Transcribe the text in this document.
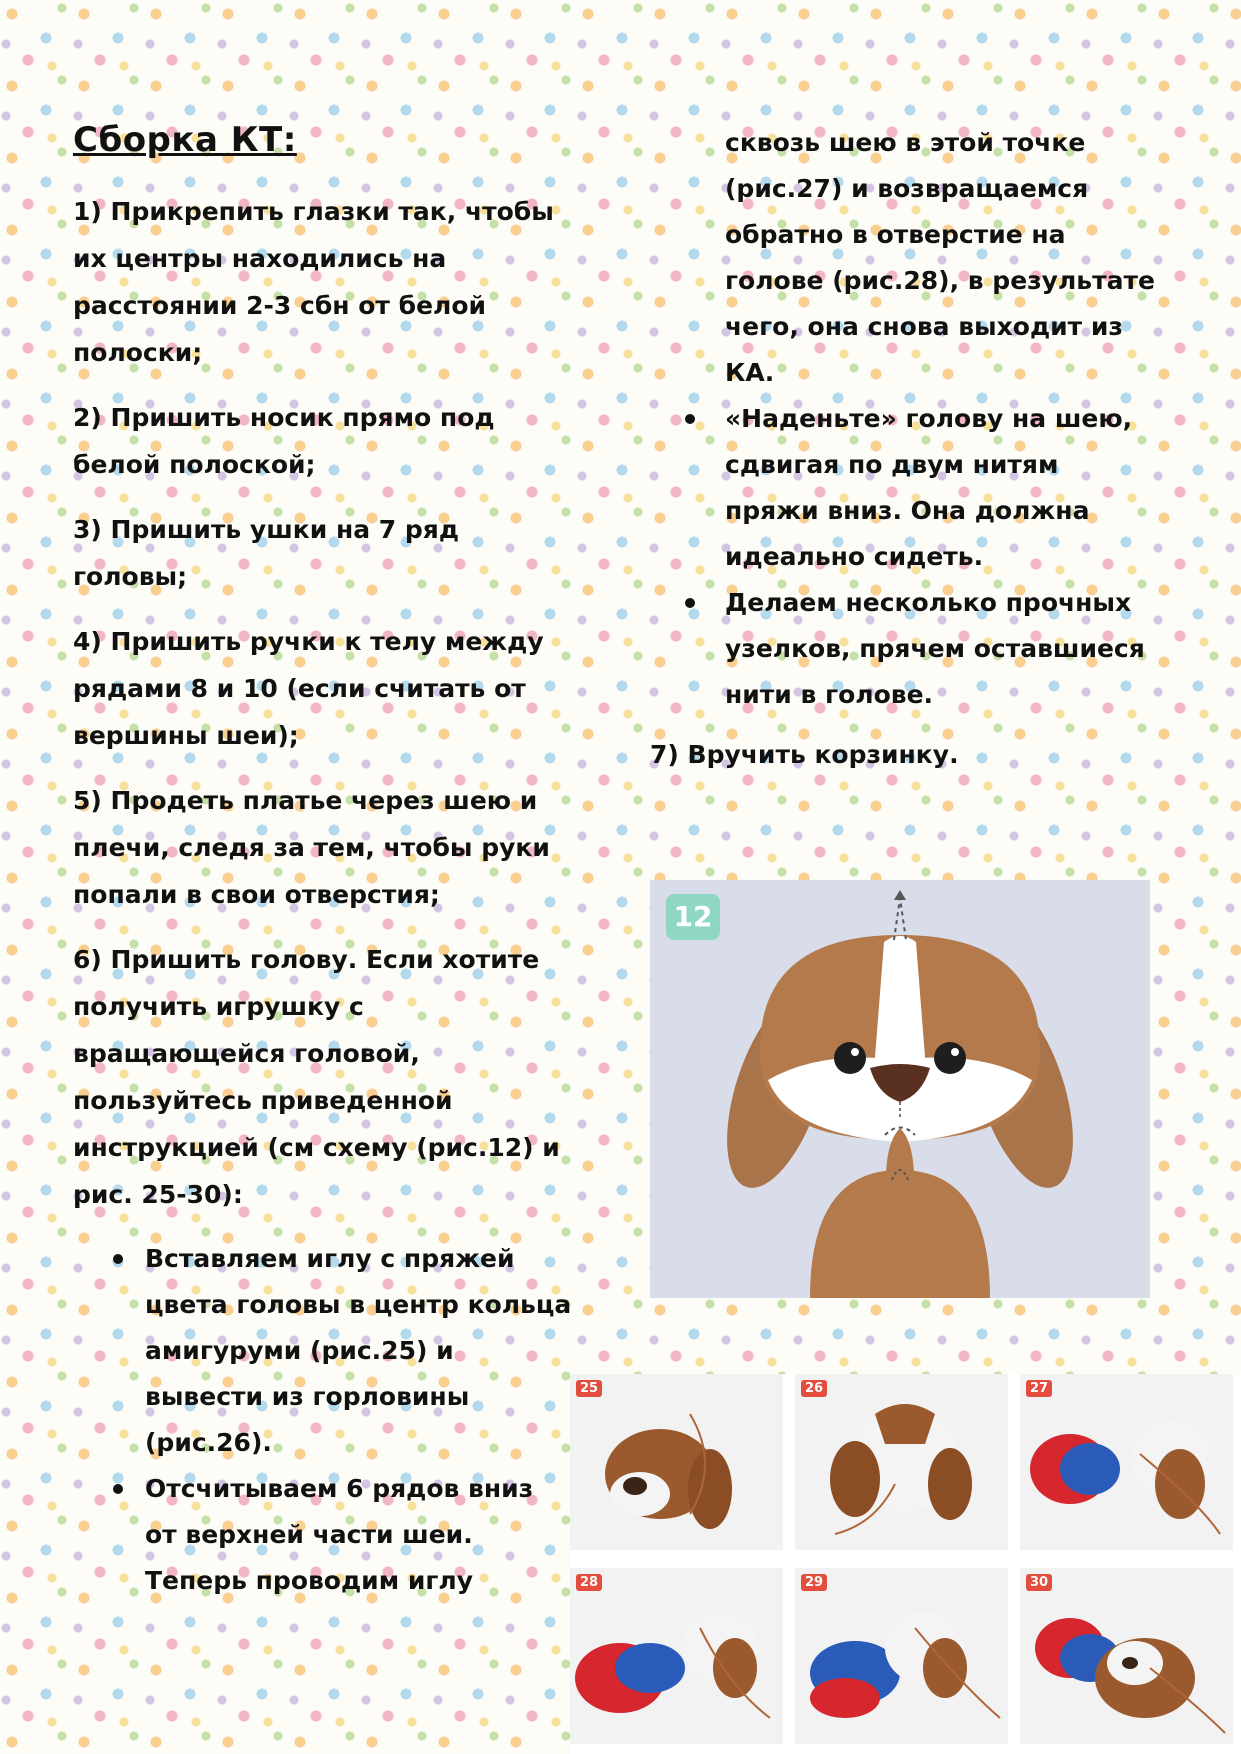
Сборка КТ:
1) Прикрепить глазки так, чтобы их центры находились на расстоянии 2-3 сбн от белой полоски;
2) Пришить носик прямо под белой полоской;
3) Пришить ушки на 7 ряд головы;
4) Пришить ручки к телу между рядами 8 и 10 (если считать от вершины шеи);
5) Продеть платье через шею и плечи, следя за тем, чтобы руки попали в свои отверстия;
6) Пришить голову. Если хотите получить игрушку с вращающейся головой, пользуйтесь приведенной инструкцией (см схему (рис.12) и рис. 25-30):
Вставляем иглу с пряжей цвета головы в центр кольца амигуруми (рис.25) и вывести из горловины (рис.26).
Отсчитываем 6 рядов вниз от верхней части шеи. Теперь проводим иглу
сквозь шею в этой точке (рис.27) и возвращаемся обратно в отверстие на голове (рис.28), в результате чего, она снова выходит из КА.
«Наденьте» голову на шею, сдвигая по двум нитям пряжи вниз. Она должна идеально сидеть.
Делаем несколько прочных узелков, прячем оставшиеся нити в голове.
7) Вручить корзинку.
12
25	26	27
28	29	30
